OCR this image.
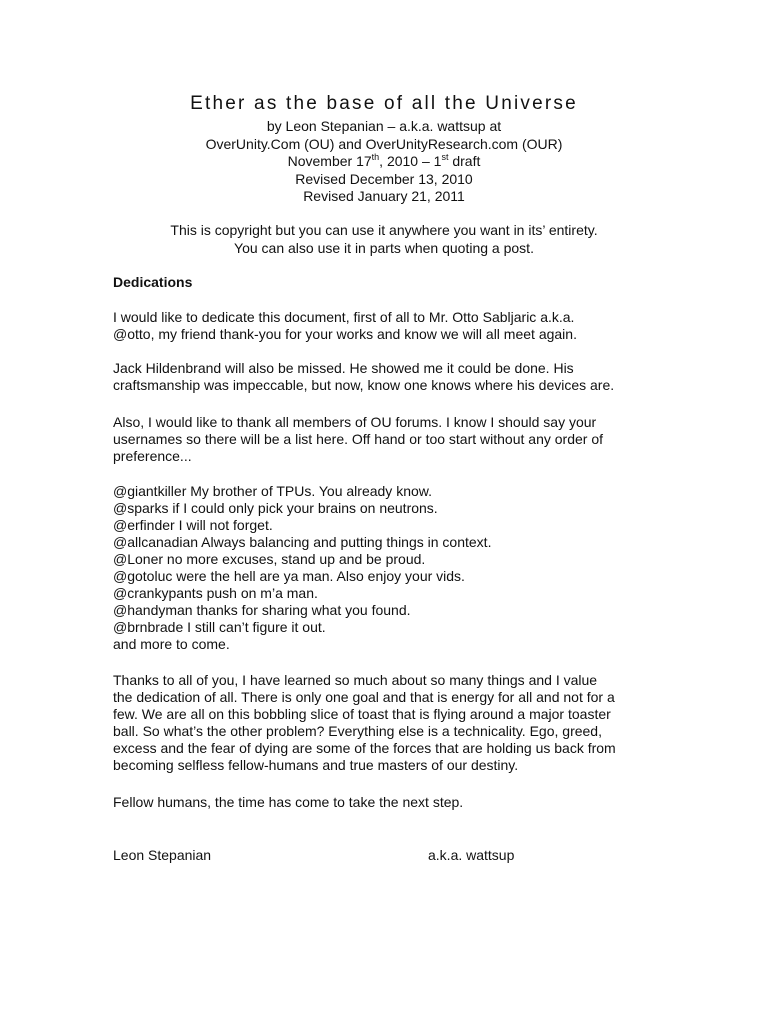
Ether as the base of all the Universe
by Leon Stepanian – a.k.a. wattsup at
OverUnity.Com (OU) and OverUnityResearch.com (OUR)
November 17th, 2010 – 1st draft
Revised December 13, 2010
Revised January 21, 2011
This is copyright but you can use it anywhere you want in its’ entirety.
You can also use it in parts when quoting a post.
Dedications
I would like to dedicate this document, first of all to Mr. Otto Sabljaric a.k.a.
@otto, my friend thank-you for your works and know we will all meet again.
Jack Hildenbrand will also be missed. He showed me it could be done. His
craftsmanship was impeccable, but now, know one knows where his devices are.
Also, I would like to thank all members of OU forums. I know I should say your
usernames so there will be a list here. Off hand or too start without any order of
preference...
@giantkiller My brother of TPUs. You already know.
@sparks if I could only pick your brains on neutrons.
@erfinder I will not forget.
@allcanadian Always balancing and putting things in context.
@Loner no more excuses, stand up and be proud.
@gotoluc were the hell are ya man. Also enjoy your vids.
@crankypants push on m’a man.
@handyman thanks for sharing what you found.
@brnbrade I still can’t figure it out.
and more to come.
Thanks to all of you, I have learned so much about so many things and I value
the dedication of all. There is only one goal and that is energy for all and not for a
few. We are all on this bobbling slice of toast that is flying around a major toaster
ball. So what’s the other problem? Everything else is a technicality. Ego, greed,
excess and the fear of dying are some of the forces that are holding us back from
becoming selfless fellow-humans and true masters of our destiny.
Fellow humans, the time has come to take the next step.
Leon Stepanian	a.k.a. wattsup
